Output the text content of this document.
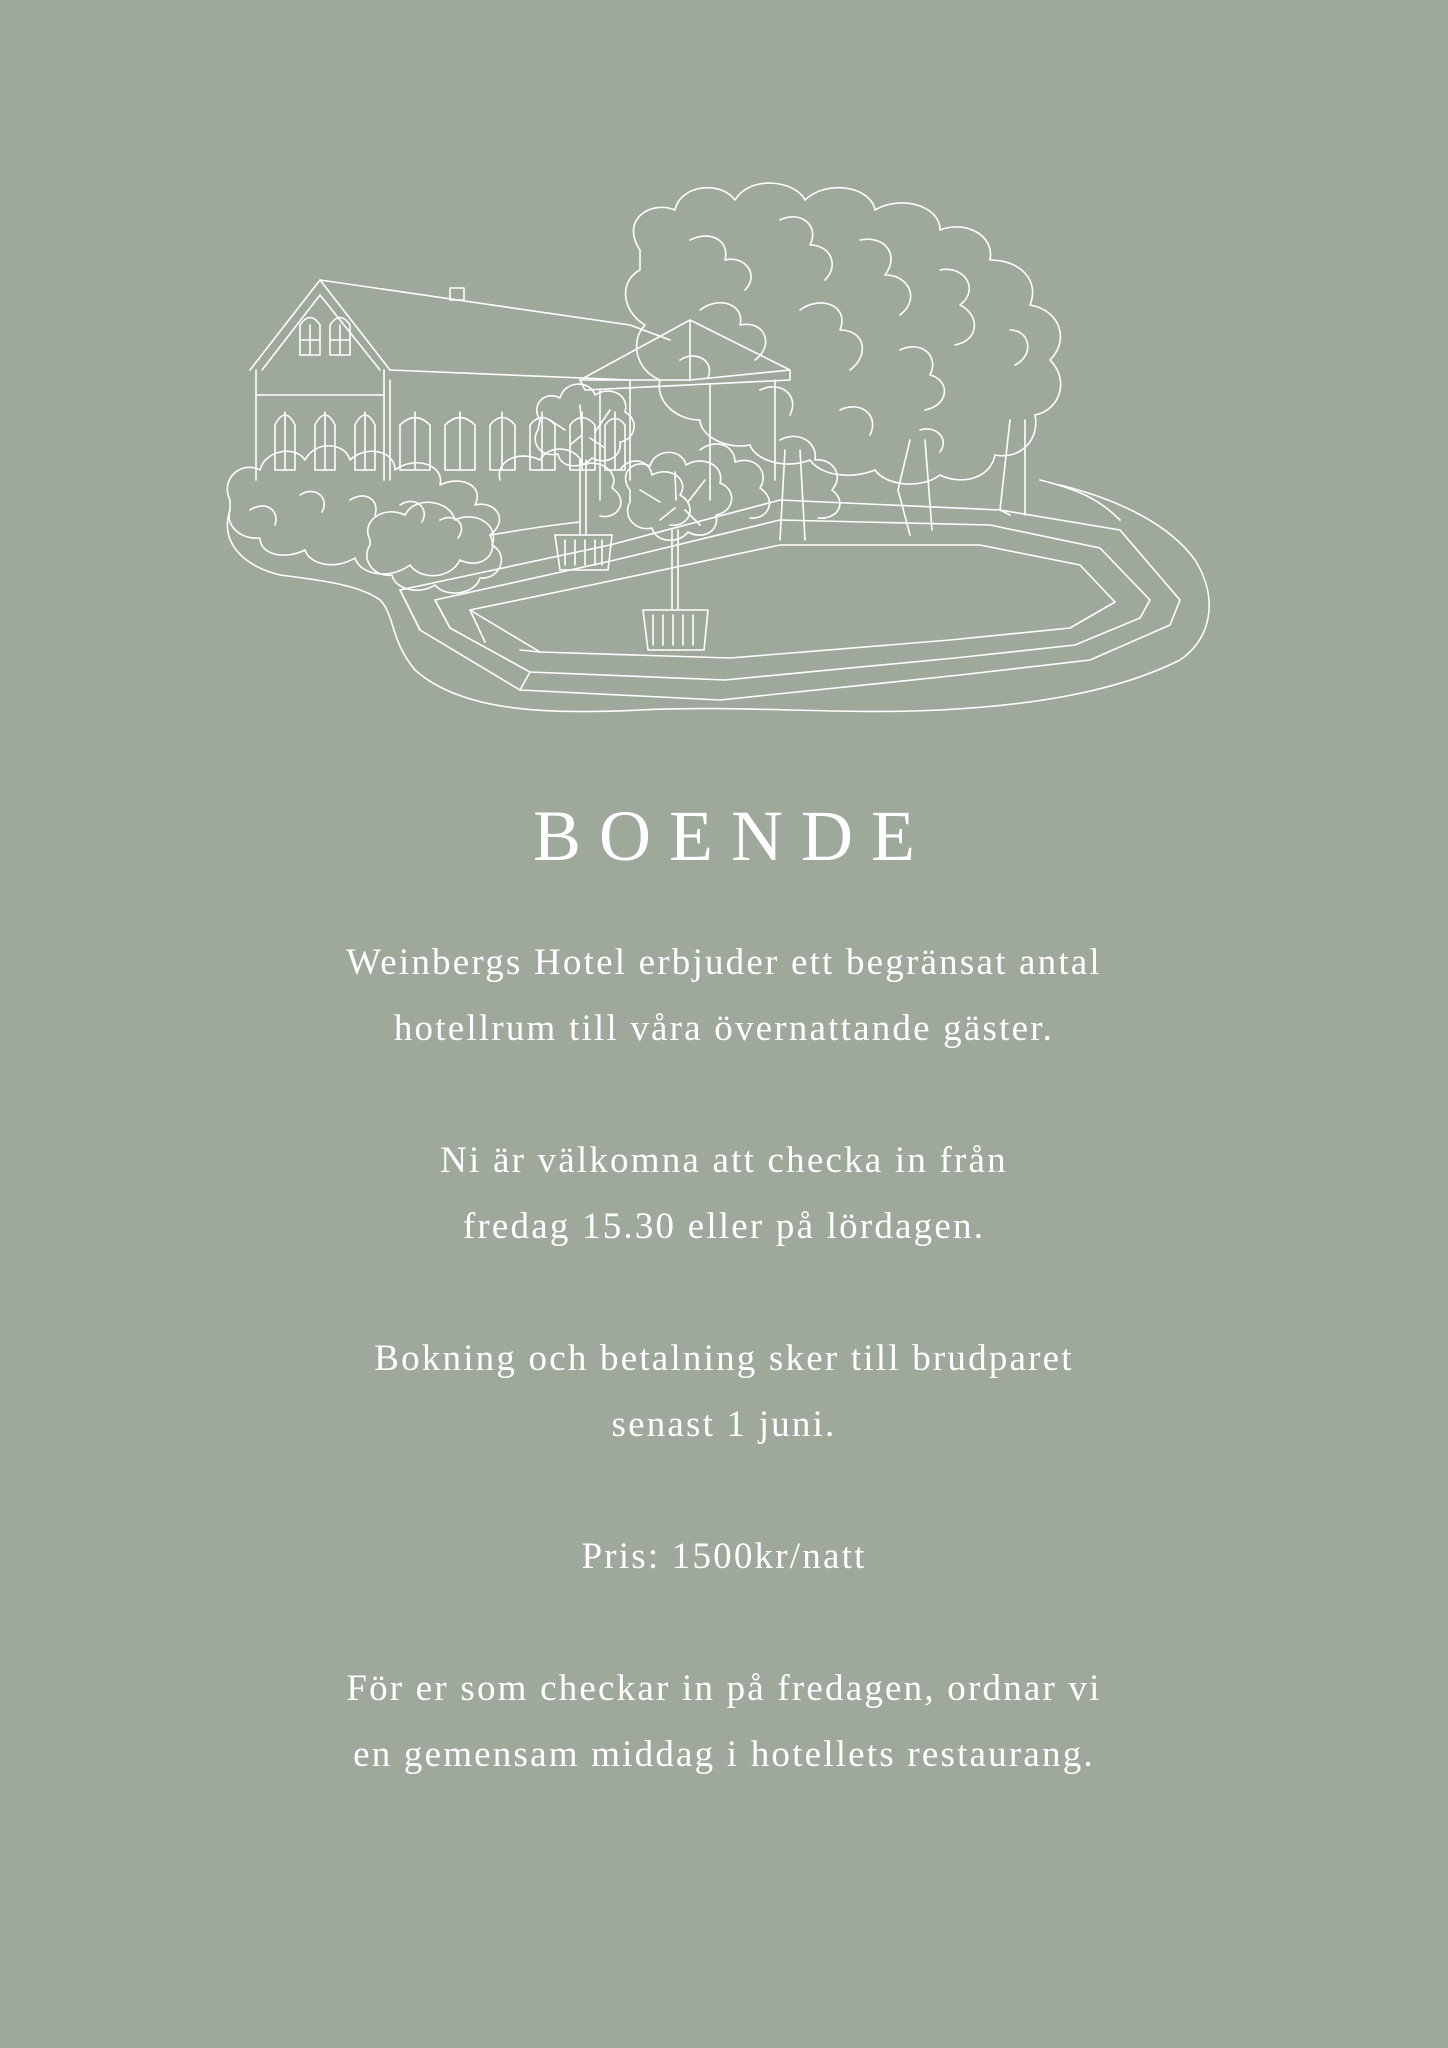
BOENDE

Weinbergs Hotel erbjuder ett begränsat antal
hotellrum till våra övernattande gäster.

Ni är välkomna att checka in från
fredag 15.30 eller på lördagen.

Bokning och betalning sker till brudparet
senast 1 juni.

Pris: 1500kr/natt

För er som checkar in på fredagen, ordnar vi
en gemensam middag i hotellets restaurang.
